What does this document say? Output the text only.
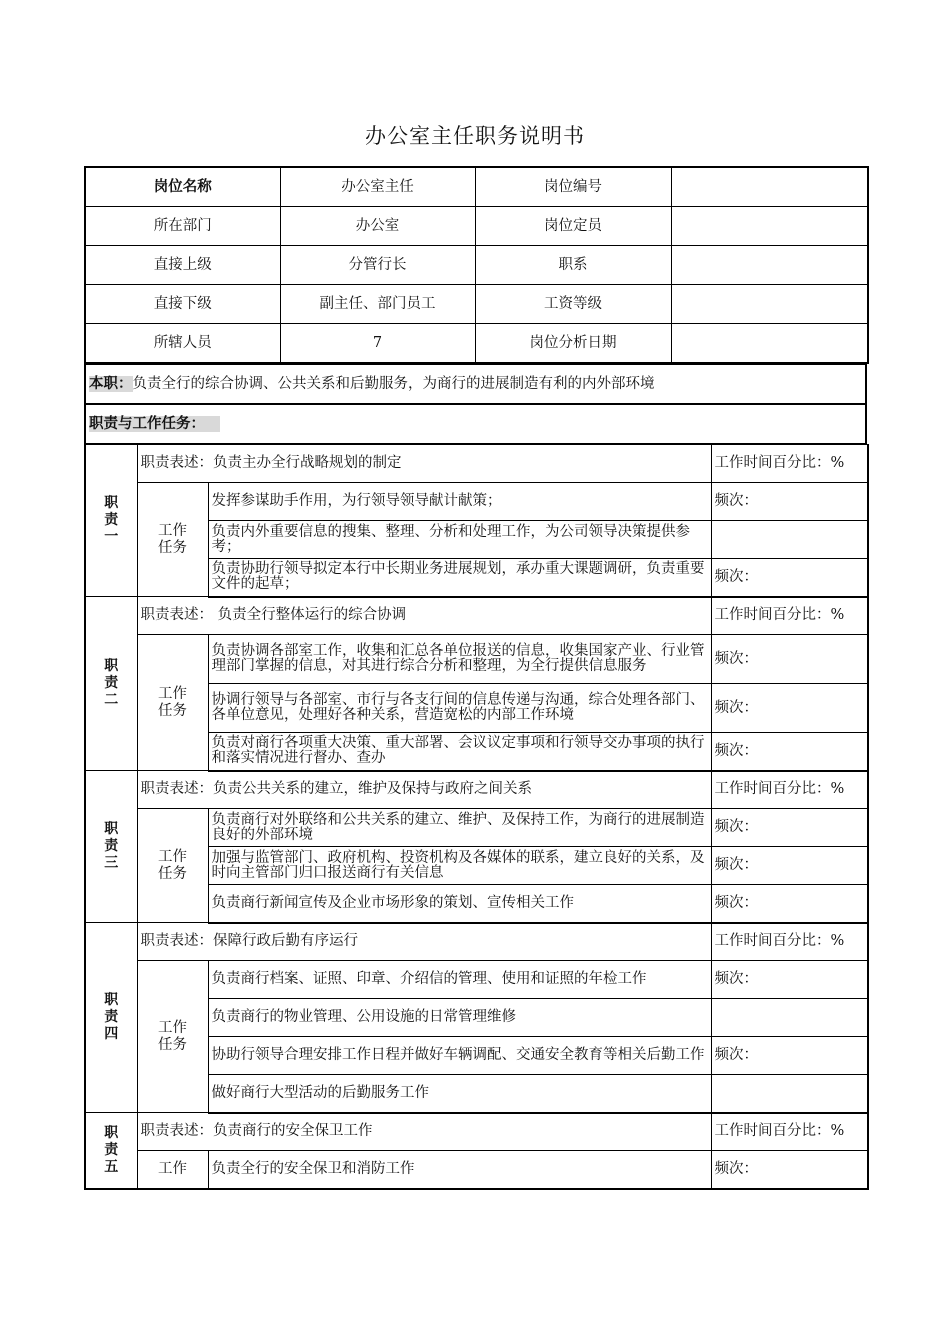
办公室主任职务说明书
岗位名称	办公室主任	岗位编号	
所在部门	办公室	岗位定员	
直接上级	分管行长	职系	
直接下级	副主任、部门员工	工资等级	
所辖人员	7	岗位分析日期	
本职：负责全行的综合协调、公共关系和后勤服务，为商行的进展制造有利的内外部环境
职责与工作任务：
职责一	职责表述：负责主办全行战略规划的制定		工作时间百分比：%

	工作任务	发挥参谋助手作用，为行领导领导献计献策；	频次：
		负责内外重要信息的搜集、整理、分析和处理工作，为公司领导决策提供参考；	
		负责协助行领导拟定本行中长期业务进展规划，承办重大课题调研，负责重要文件的起草；	频次：

职责二	职责表述： 负责全行整体运行的综合协调		工作时间百分比：%

	工作任务	负责协调各部室工作，收集和汇总各单位报送的信息，收集国家产业、行业管理部门掌握的信息，对其进行综合分析和整理，为全行提供信息服务	频次：
		协调行领导与各部室、市行与各支行间的信息传递与沟通，综合处理各部门、各单位意见，处理好各种关系，营造宽松的内部工作环境	频次：
		负责对商行各项重大决策、重大部署、会议议定事项和行领导交办事项的执行和落实情况进行督办、查办	频次：

职责三	职责表述：负责公共关系的建立，维护及保持与政府之间关系		工作时间百分比：%

	工作任务	负责商行对外联络和公共关系的建立、维护、及保持工作，为商行的进展制造良好的外部环境	频次：
		加强与监管部门、政府机构、投资机构及各媒体的联系，建立良好的关系，及时向主管部门归口报送商行有关信息	频次：
		负责商行新闻宣传及企业市场形象的策划、宣传相关工作	频次：

职责四	职责表述：保障行政后勤有序运行		工作时间百分比：%

	工作任务	负责商行档案、证照、印章、介绍信的管理、使用和证照的年检工作	频次：
		负责商行的物业管理、公用设施的日常管理维修	
		协助行领导合理安排工作日程并做好车辆调配、交通安全教育等相关后勤工作	频次：
		做好商行大型活动的后勤服务工作	

职责五	职责表述：负责商行的安全保卫工作		工作时间百分比：%
	工作	负责全行的安全保卫和消防工作	频次：
